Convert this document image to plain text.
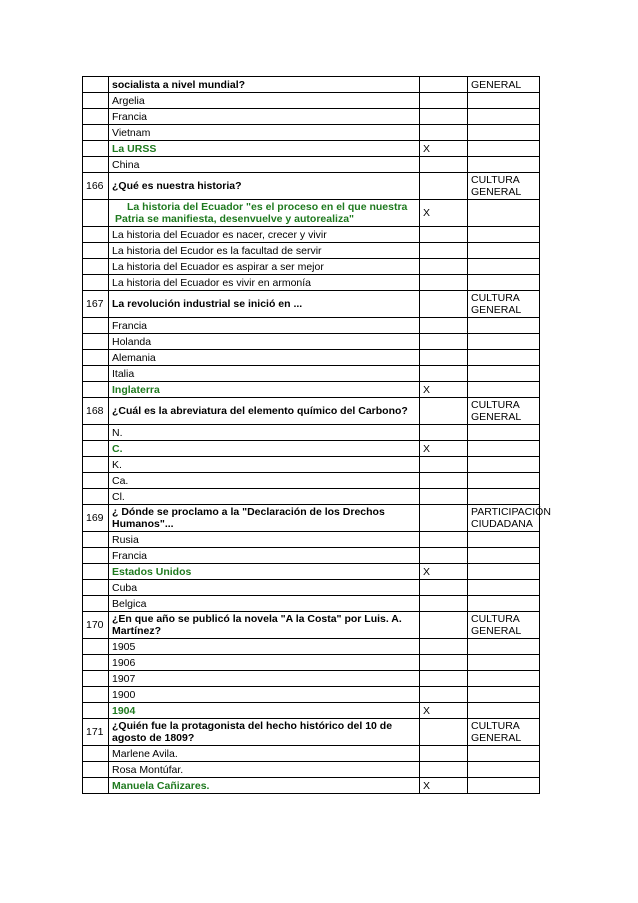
	socialista a nivel mundial?		GENERAL
	Argelia		
	Francia		
	Vietnam		
	La URSS	X	
	China		
166	¿Qué es nuestra historia?		CULTURA GENERAL
	La historia del Ecuador "es el proceso en el que nuestra Patria se manifiesta, desenvuelve y autorealiza"	X	
	La historia del Ecuador es nacer, crecer y vivir		
	La historia del Ecudor es la facultad de servir		
	La historia del Ecuador es aspirar a ser mejor		
	La historia del Ecuador es vivir en armonía		
167	La revolución industrial se inició en ...		CULTURA GENERAL
	Francia		
	Holanda		
	Alemania		
	Italia		
	Inglaterra	X	
168	¿Cuál es la abreviatura del elemento químico del Carbono?		CULTURA GENERAL
	N.		
	C.	X	
	K.		
	Ca.		
	Cl.		
169	¿ Dónde se proclamo a la "Declaración de los Drechos Humanos"...		PARTICIPACIÓN CIUDADANA
	Rusia		
	Francia		
	Estados Unidos	X	
	Cuba		
	Belgica		
170	¿En que año se publicó la novela "A la Costa" por Luis. A. Martínez?		CULTURA GENERAL
	1905		
	1906		
	1907		
	1900		
	1904	X	
171	¿Quién fue la protagonista del hecho histórico del 10 de agosto de 1809?		CULTURA GENERAL
	Marlene Avila.		
	Rosa Montúfar.		
	Manuela Cañizares.	X	
